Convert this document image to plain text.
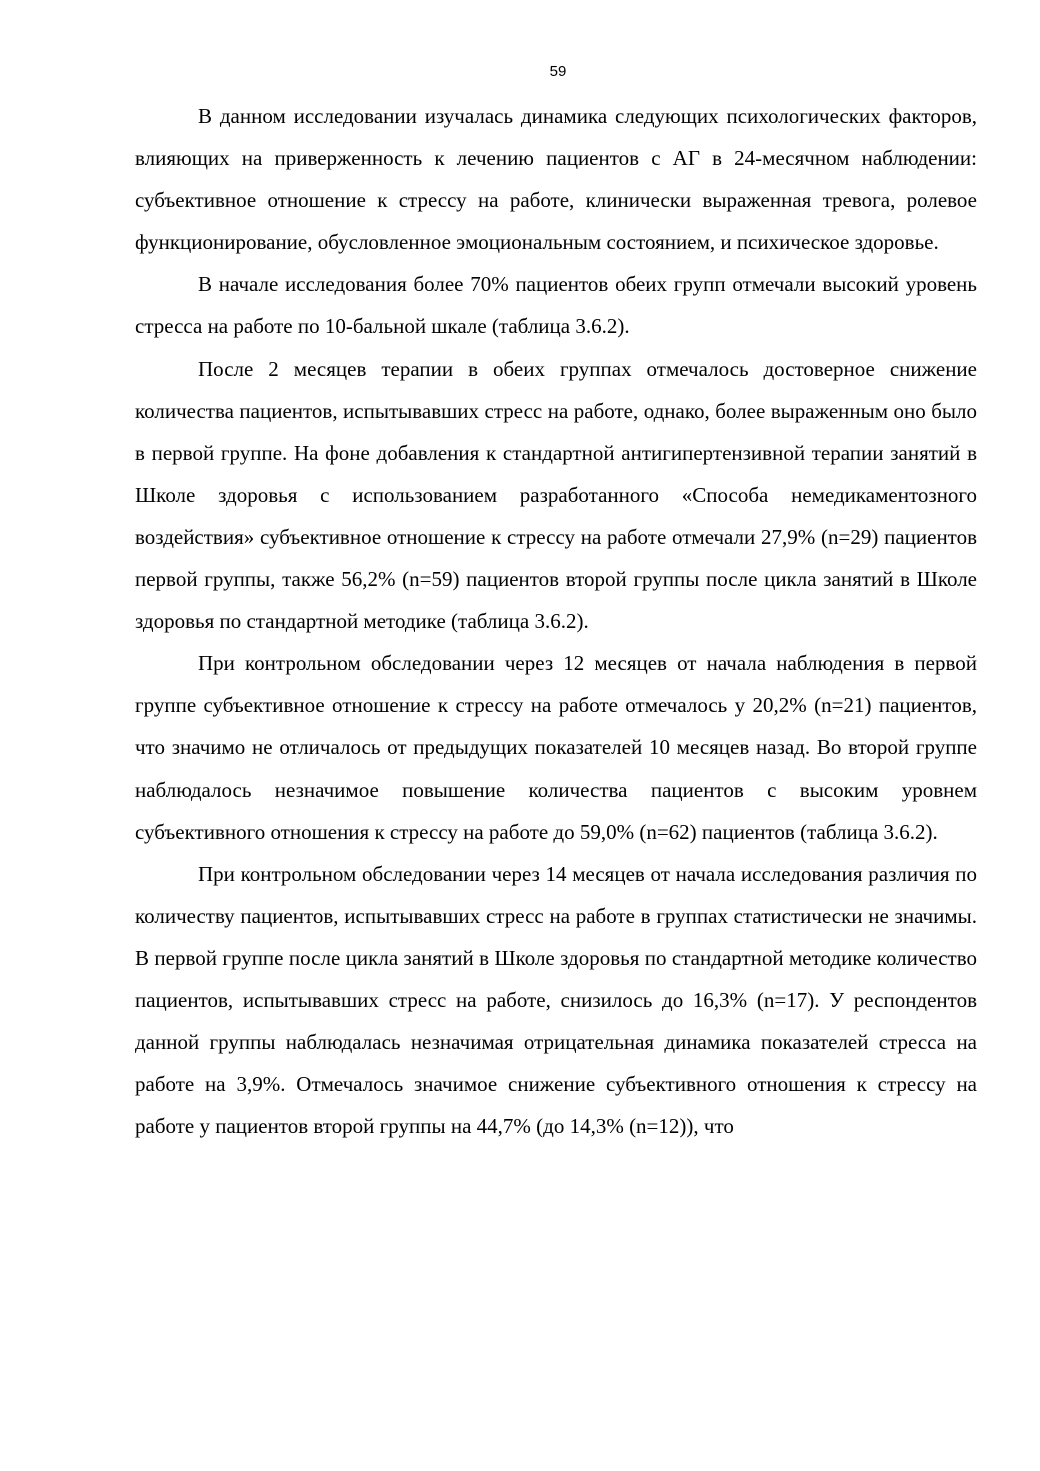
59

В данном исследовании изучалась динамика следующих психологических факторов, влияющих на приверженность к лечению пациентов с АГ в 24-месячном наблюдении: субъективное отношение к стрессу на работе, клинически выраженная тревога, ролевое функционирование, обусловленное эмоциональным состоянием, и психическое здоровье.

В начале исследования более 70% пациентов обеих групп отмечали высокий уровень стресса на работе по 10-бальной шкале (таблица 3.6.2).

После 2 месяцев терапии в обеих группах отмечалось достоверное снижение количества пациентов, испытывавших стресс на работе, однако, более выраженным оно было в первой группе. На фоне добавления к стандартной антигипертензивной терапии занятий в Школе здоровья с использованием разработанного «Способа немедикаментозного воздействия» субъективное отношение к стрессу на работе отмечали 27,9% (n=29) пациентов первой группы, также 56,2% (n=59) пациентов второй группы после цикла занятий в Школе здоровья по стандартной методике (таблица 3.6.2).

При контрольном обследовании через 12 месяцев от начала наблюдения в первой группе субъективное отношение к стрессу на работе отмечалось у 20,2% (n=21) пациентов, что значимо не отличалось от предыдущих показателей 10 месяцев назад. Во второй группе наблюдалось незначимое повышение количества пациентов с высоким уровнем субъективного отношения к стрессу на работе до 59,0% (n=62) пациентов (таблица 3.6.2).

При контрольном обследовании через 14 месяцев от начала исследования различия по количеству пациентов, испытывавших стресс на работе в группах статистически не значимы. В первой группе после цикла занятий в Школе здоровья по стандартной методике количество пациентов, испытывавших стресс на работе, снизилось до 16,3% (n=17). У респондентов данной группы наблюдалась незначимая отрицательная динамика показателей стресса на работе на 3,9%. Отмечалось значимое снижение субъективного отношения к стрессу на работе у пациентов второй группы на 44,7% (до 14,3% (n=12)), что
